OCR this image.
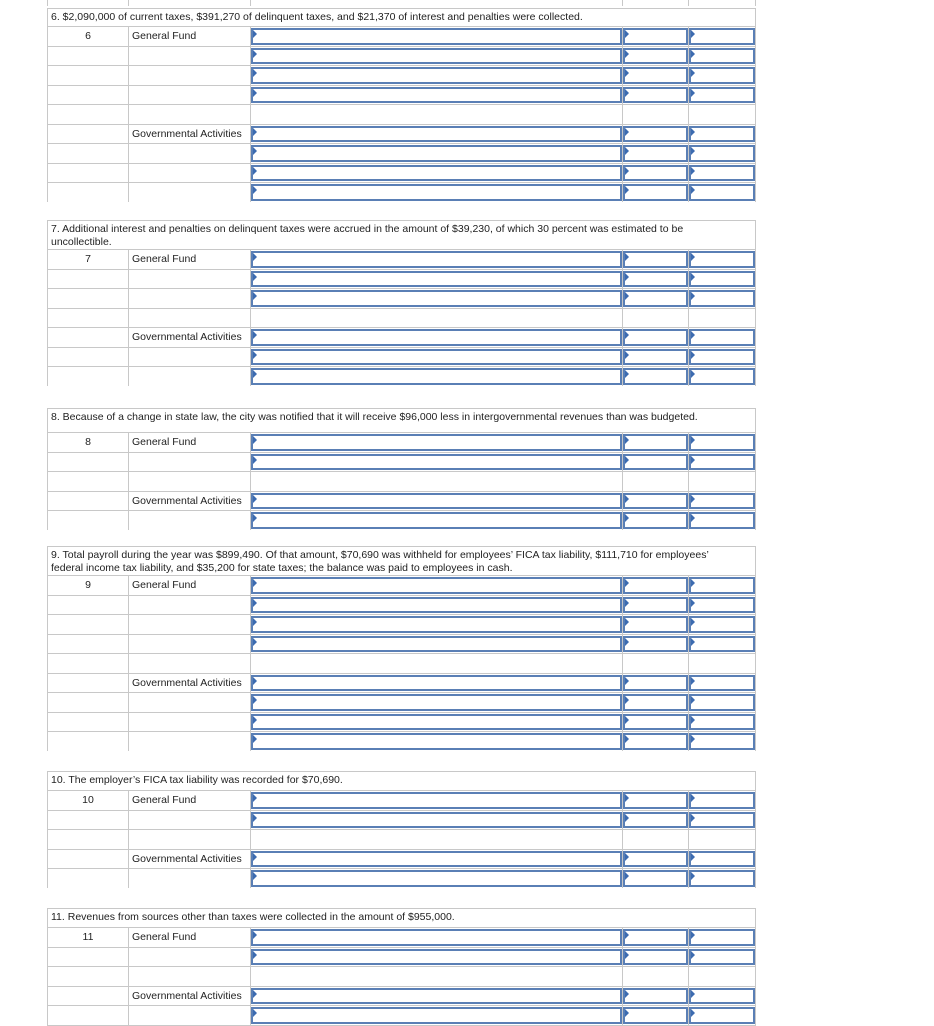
6. $2,090,000 of current taxes, $391,270 of delinquent taxes, and $21,370 of interest and penalties were collected.
6	General Fund
Governmental Activities
7. Additional interest and penalties on delinquent taxes were accrued in the amount of $39,230, of which 30 percent was estimated to be uncollectible.
7	General Fund
Governmental Activities
8. Because of a change in state law, the city was notified that it will receive $96,000 less in intergovernmental revenues than was budgeted.
8	General Fund
Governmental Activities
9. Total payroll during the year was $899,490. Of that amount, $70,690 was withheld for employees’ FICA tax liability, $111,710 for employees’ federal income tax liability, and $35,200 for state taxes; the balance was paid to employees in cash.
9	General Fund
Governmental Activities
10. The employer’s FICA tax liability was recorded for $70,690.
10	General Fund
Governmental Activities
11. Revenues from sources other than taxes were collected in the amount of $955,000.
11	General Fund
Governmental Activities
